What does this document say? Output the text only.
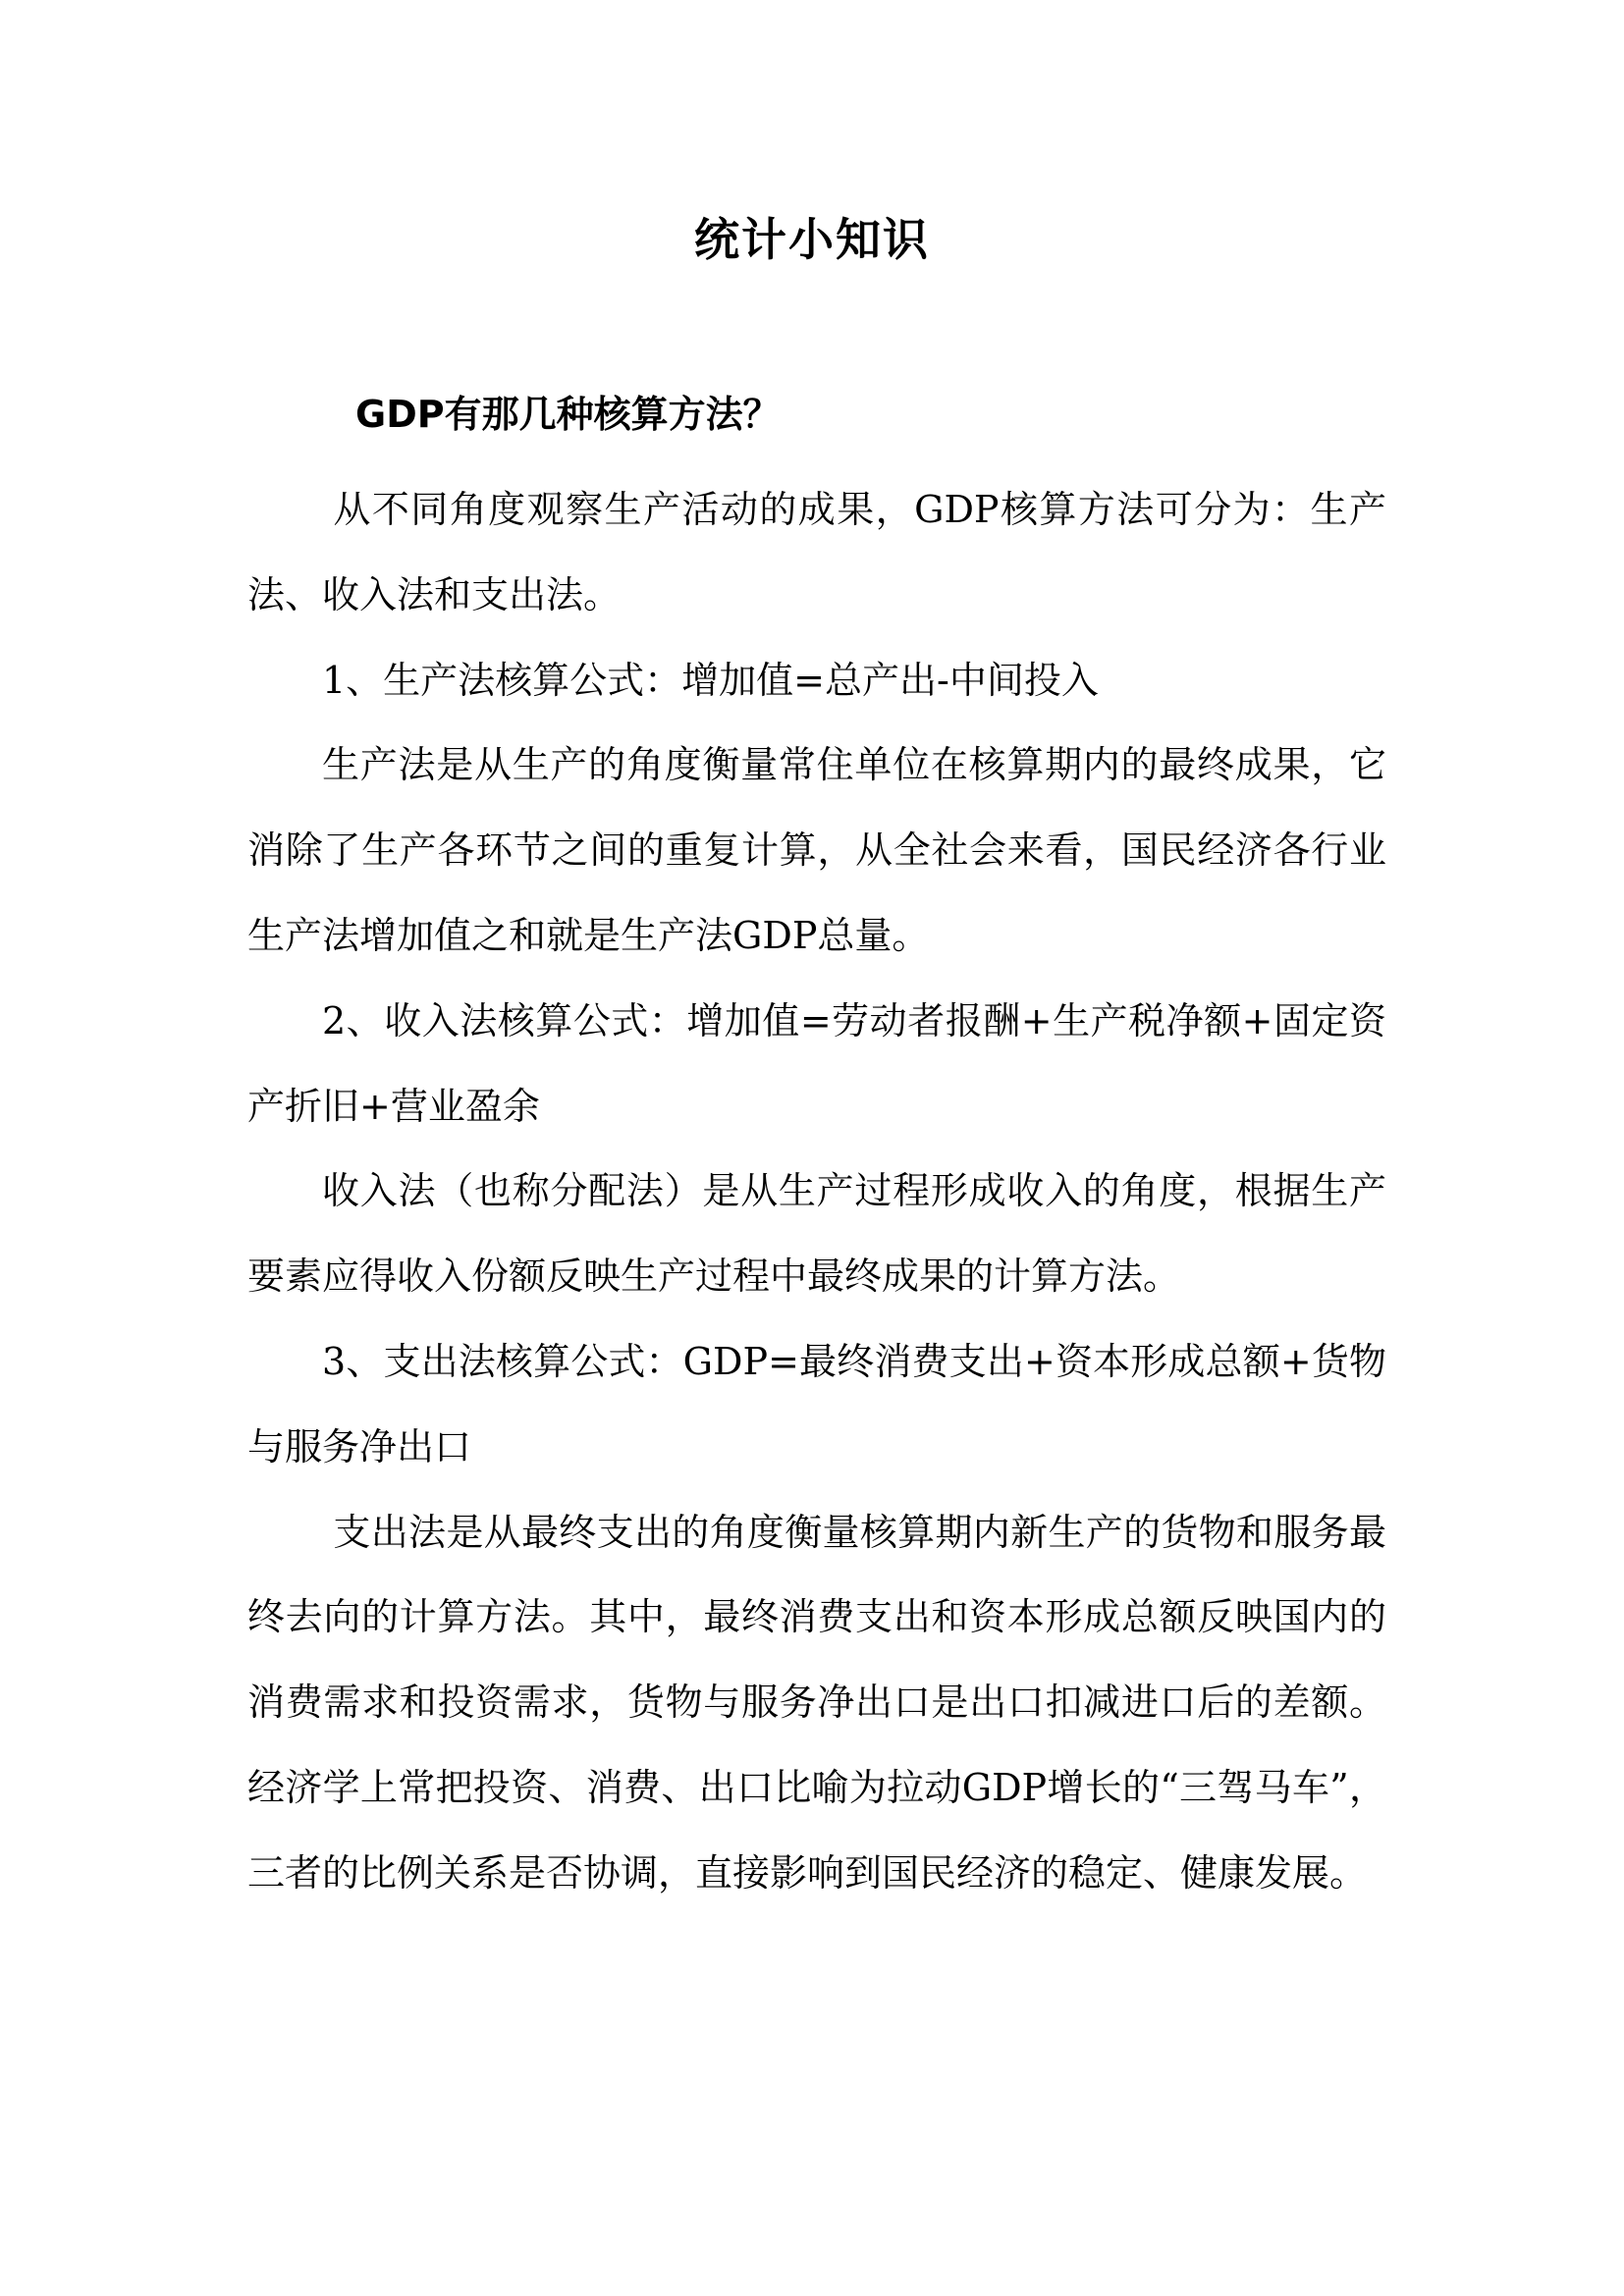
统计小知识
GDP有那几种核算方法？

从不同角度观察生产活动的成果，GDP核算方法可分为：生产法、收入法和支出法。

1、生产法核算公式：增加值=总产出-中间投入

生产法是从生产的角度衡量常住单位在核算期内的最终成果，它消除了生产各环节之间的重复计算，从全社会来看，国民经济各行业生产法增加值之和就是生产法GDP总量。

2、收入法核算公式：增加值=劳动者报酬+生产税净额+固定资产折旧+营业盈余

收入法（也称分配法）是从生产过程形成收入的角度，根据生产要素应得收入份额反映生产过程中最终成果的计算方法。

3、支出法核算公式：GDP=最终消费支出+资本形成总额+货物与服务净出口

支出法是从最终支出的角度衡量核算期内新生产的货物和服务最终去向的计算方法。其中，最终消费支出和资本形成总额反映国内的消费需求和投资需求，货物与服务净出口是出口扣减进口后的差额。经济学上常把投资、消费、出口比喻为拉动GDP增长的“三驾马车”，三者的比例关系是否协调，直接影响到国民经济的稳定、健康发展。
